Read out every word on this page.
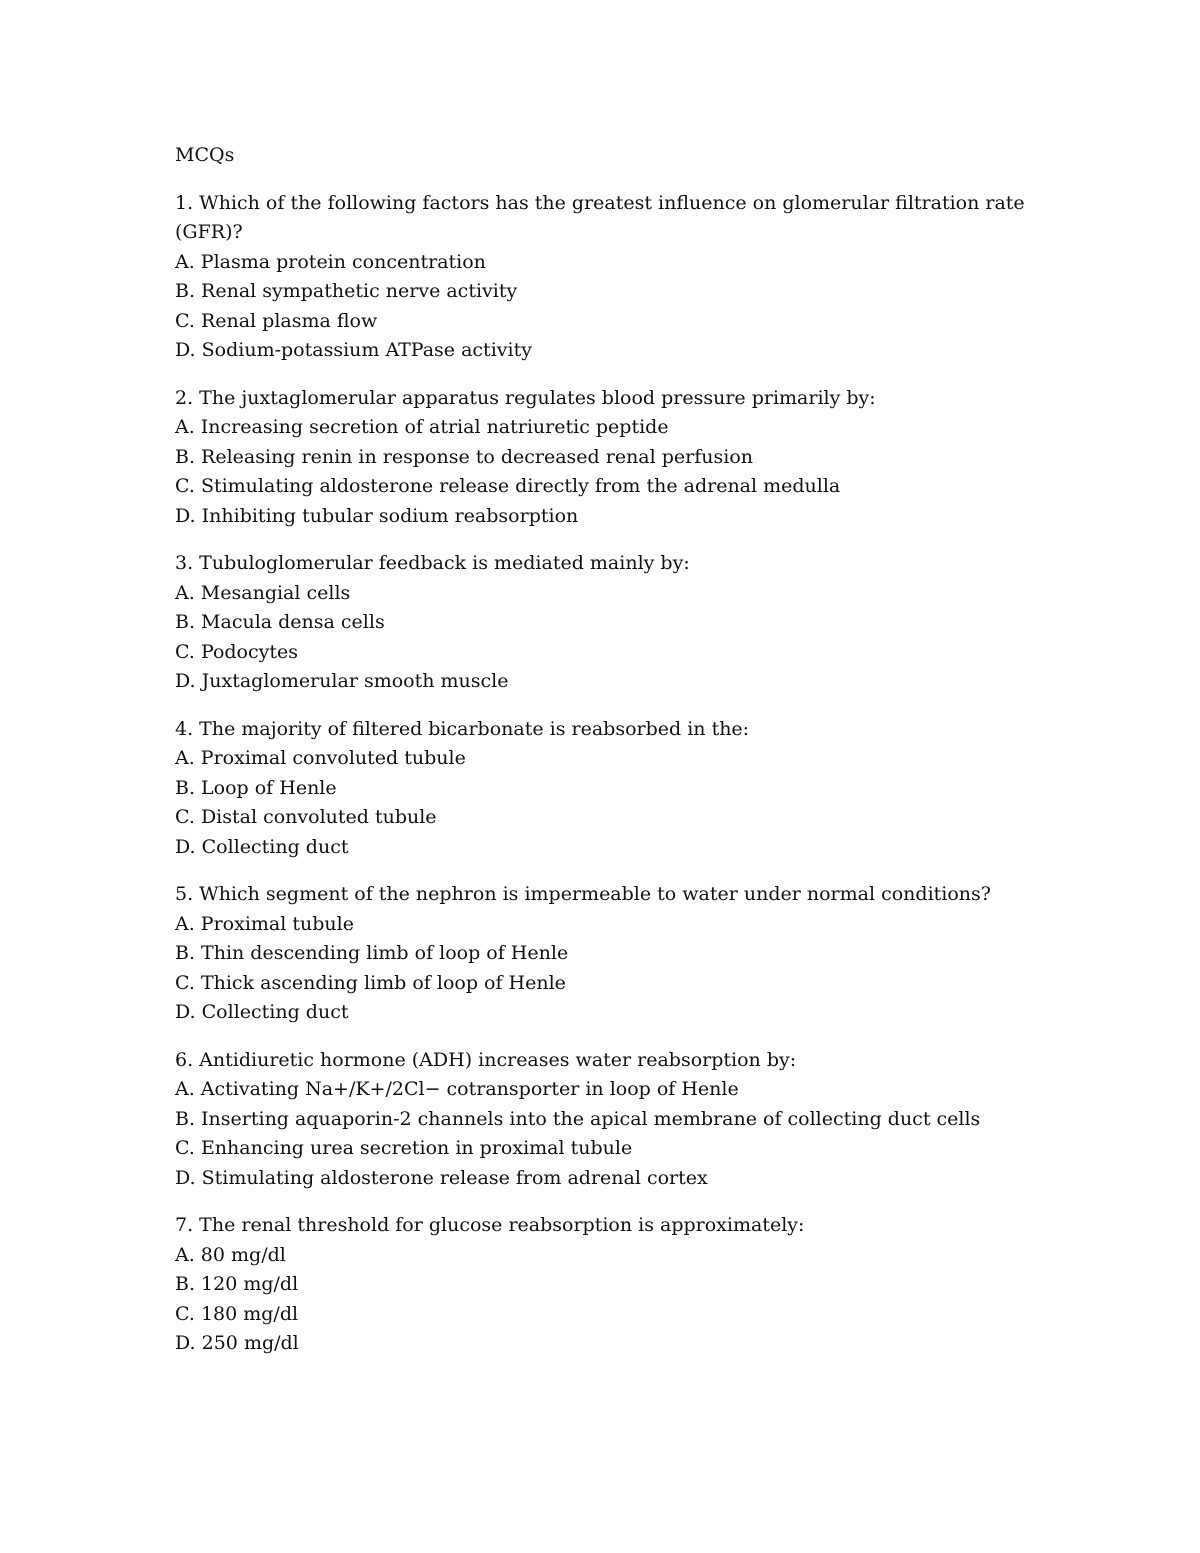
MCQs
1. Which of the following factors has the greatest influence on glomerular filtration rate (GFR)?
A. Plasma protein concentration
B. Renal sympathetic nerve activity
C. Renal plasma flow
D. Sodium-potassium ATPase activity
2. The juxtaglomerular apparatus regulates blood pressure primarily by:
A. Increasing secretion of atrial natriuretic peptide
B. Releasing renin in response to decreased renal perfusion
C. Stimulating aldosterone release directly from the adrenal medulla
D. Inhibiting tubular sodium reabsorption
3. Tubuloglomerular feedback is mediated mainly by:
A. Mesangial cells
B. Macula densa cells
C. Podocytes
D. Juxtaglomerular smooth muscle
4. The majority of filtered bicarbonate is reabsorbed in the:
A. Proximal convoluted tubule
B. Loop of Henle
C. Distal convoluted tubule
D. Collecting duct
5. Which segment of the nephron is impermeable to water under normal conditions?
A. Proximal tubule
B. Thin descending limb of loop of Henle
C. Thick ascending limb of loop of Henle
D. Collecting duct
6. Antidiuretic hormone (ADH) increases water reabsorption by:
A. Activating Na+/K+/2Cl− cotransporter in loop of Henle
B. Inserting aquaporin-2 channels into the apical membrane of collecting duct cells
C. Enhancing urea secretion in proximal tubule
D. Stimulating aldosterone release from adrenal cortex
7. The renal threshold for glucose reabsorption is approximately:
A. 80 mg/dl
B. 120 mg/dl
C. 180 mg/dl
D. 250 mg/dl
